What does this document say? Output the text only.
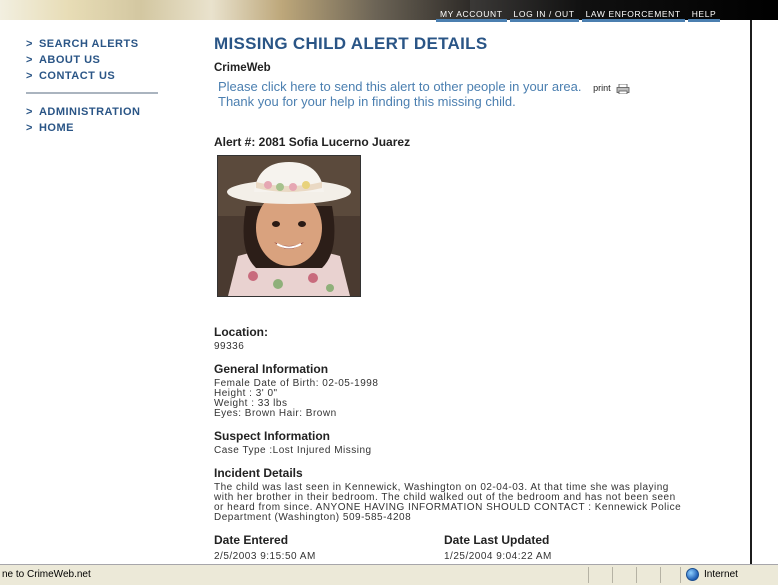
MY ACCOUNT	LOG IN / OUT	LAW ENFORCEMENT	HELP
> SEARCH ALERTS
> ABOUT US
> CONTACT US
> ADMINISTRATION
> HOME
MISSING CHILD ALERT DETAILS
CrimeWeb
Please click here to send this alert to other people in your area. print
Thank you for your help in finding this missing child.
Alert #: 2081 Sofia Lucerno Juarez
Location:
99336
General Information
Female Date of Birth: 02-05-1998
Height : 3' 0"
Weight : 33 lbs
Eyes: Brown Hair: Brown
Suspect Information
Case Type :Lost Injured Missing
Incident Details
The child was last seen in Kennewick, Washington on 02-04-03. At that time she was playing with her brother in their bedroom. The child walked out of the bedroom and has not been seen or heard from since. ANYONE HAVING INFORMATION SHOULD CONTACT : Kennewick Police Department (Washington) 509-585-4208
Date Entered
2/5/2003 9:15:50 AM
Date Last Updated
1/25/2004 9:04:22 AM
ne to CrimeWeb.net	Internet
